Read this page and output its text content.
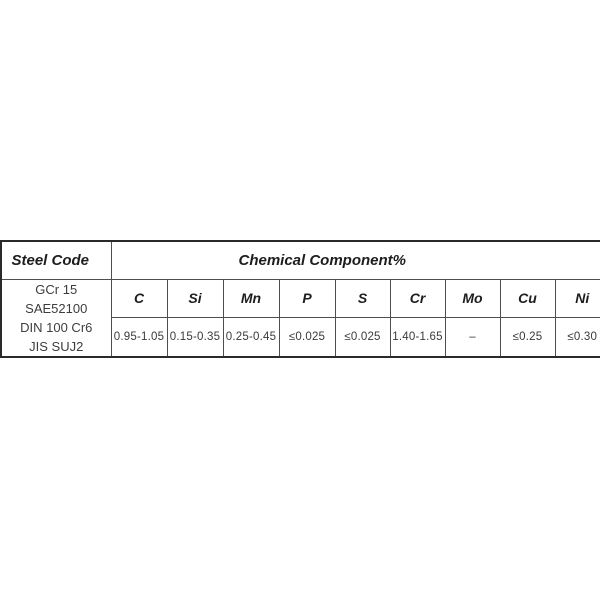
Steel Code	Chemical Component%								

GCr 15
SAE52100
DIN 100 Cr6
JIS SUJ2	C	Si	Mn	P	S	Cr	Mo	Cu	Ni
	0.95-1.05	0.15-0.35	0.25-0.45	≤0.025	≤0.025	1.40-1.65	–	≤0.25	≤0.30
